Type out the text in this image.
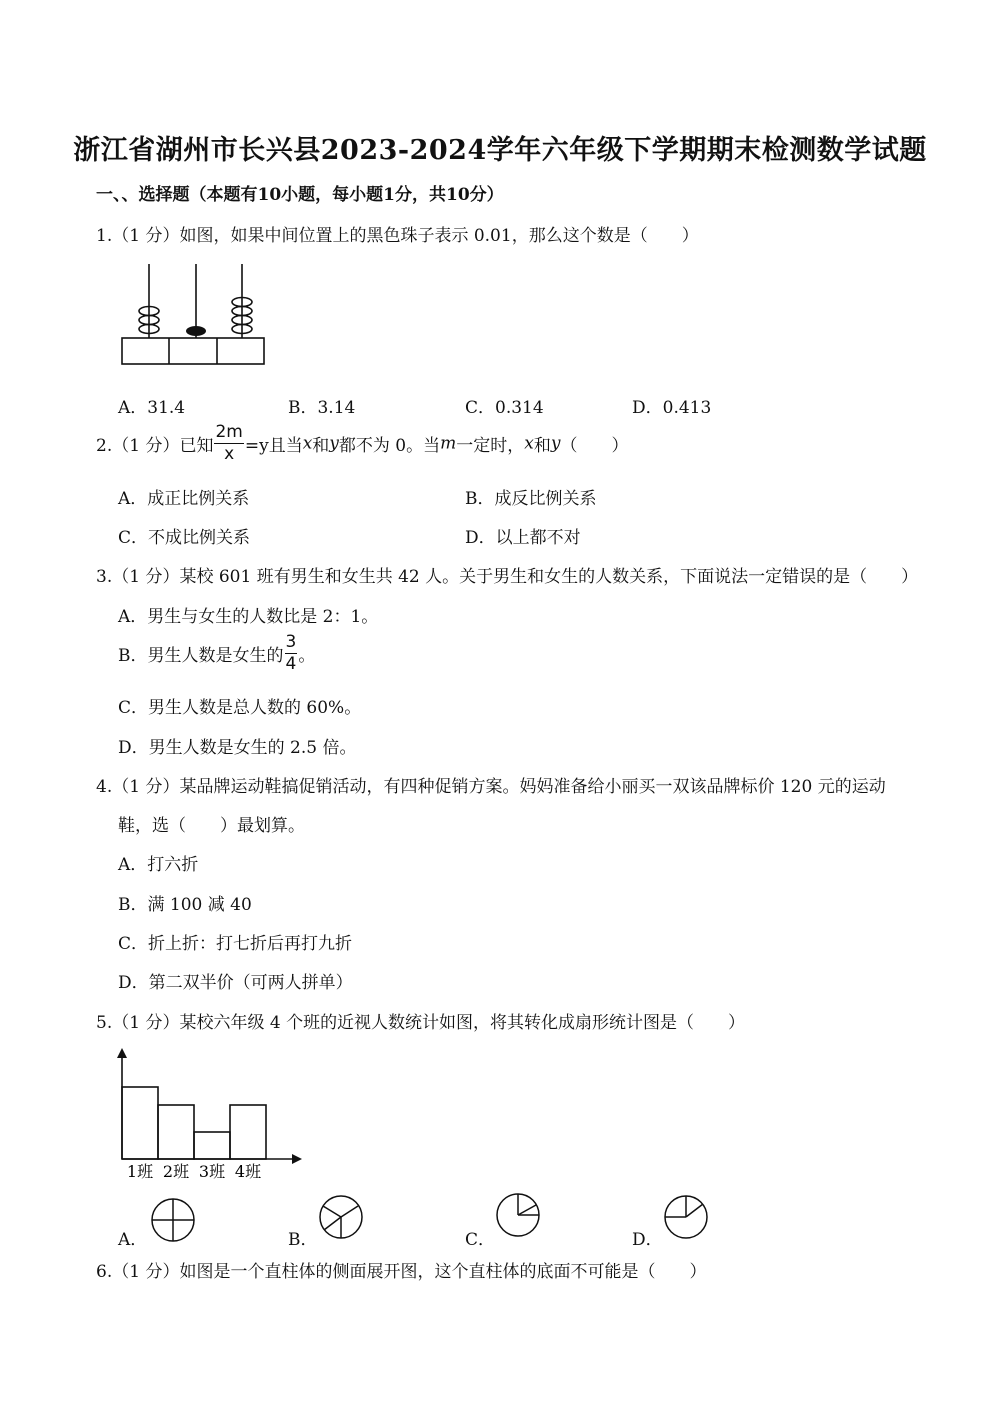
浙江省湖州市长兴县2023-2024学年六年级下学期期末检测数学试题
一、、选择题（本题有10小题，每小题1分，共10分）
1.（1 分）如图，如果中间位置上的黑色珠子表示 0.01，那么这个数是（　　）
A．31.4	B．3.14	C．0.314	D．0.413
2.（1 分）已知 $\frac{2m}{x} =y$且当x和y都不为 0。当m一定时，x和y（　　）
A．成正比例关系	B．成反比例关系
C．不成比例关系	D．以上都不对
3.（1 分）某校 601 班有男生和女生共 42 人。关于男生和女生的人数关系，下面说法一定错误的是（　　）
A．男生与女生的人数比是 2：1。
B．男生人数是女生的 $\frac{3}{4}$ 。
C．男生人数是总人数的 60%。
D．男生人数是女生的 2.5 倍。
4.（1 分）某品牌运动鞋搞促销活动，有四种促销方案。妈妈准备给小丽买一双该品牌标价 120 元的运动
鞋，选（　　）最划算。
A．打六折
B．满 100 减 40
C．折上折：打七折后再打九折
D．第二双半价（可两人拼单）
5.（1 分）某校六年级 4 个班的近视人数统计如图，将其转化成扇形统计图是（　　）
1班 2班 3班 4班
A．	B．	C．	D．
6.（1 分）如图是一个直柱体的侧面展开图，这个直柱体的底面不可能是（　　）
